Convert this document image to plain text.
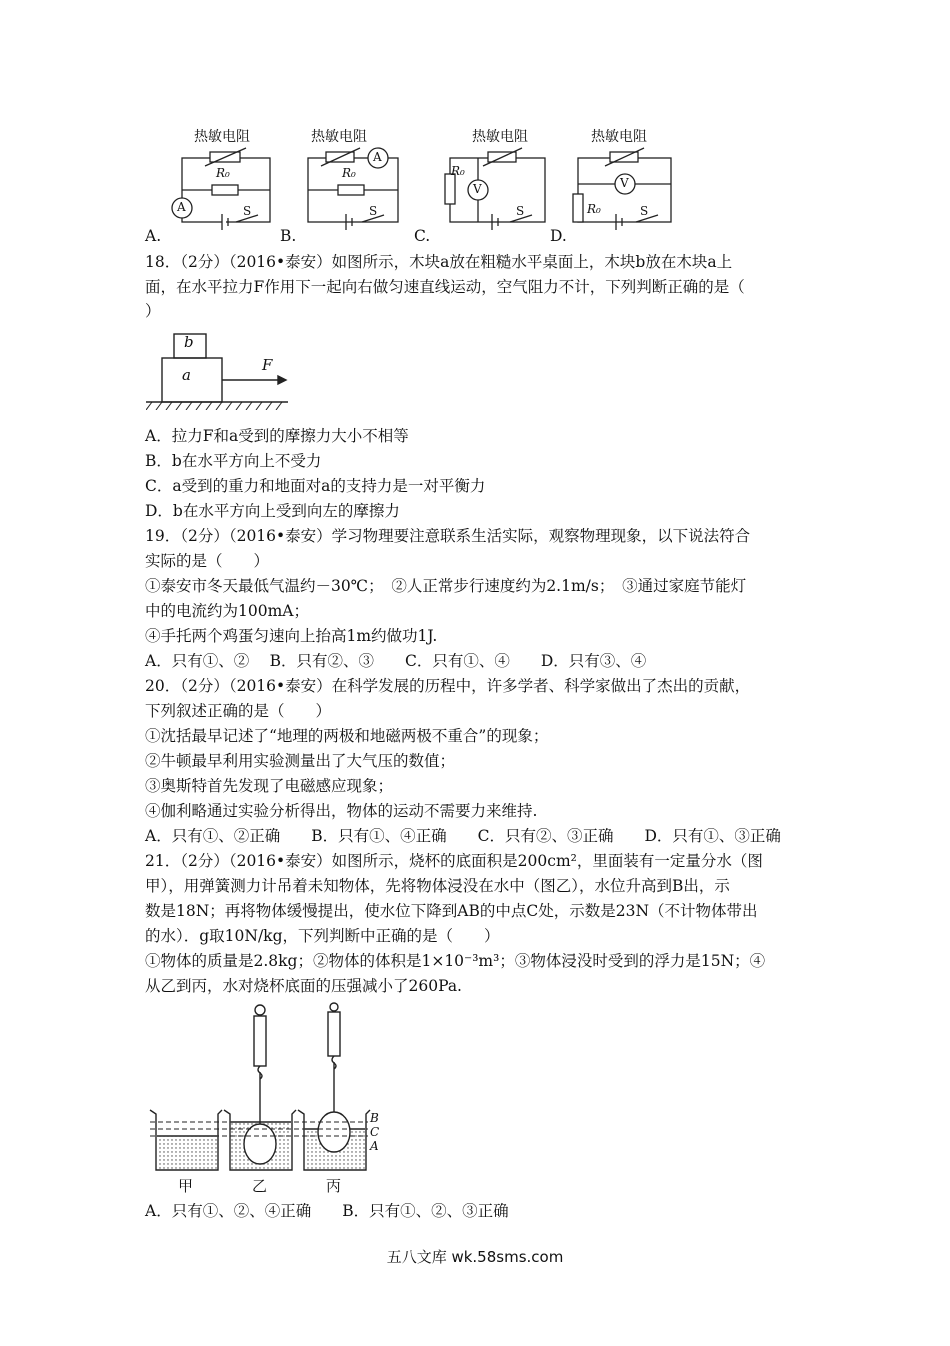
热敏电阻	热敏电阻	热敏电阻	热敏电阻
R₀	R₀	R₀
R₀
S	S	S	S
A
A
V	V
A.	B.	C.	D.
18．（2分）（2016•泰安）如图所示，木块a放在粗糙水平桌面上，木块b放在木块a上
面，在水平拉力F作用下一起向右做匀速直线运动，空气阻力不计，下列判断正确的是（
）
b
a
F
A．拉力F和a受到的摩擦力大小不相等
B．b在水平方向上不受力
C．a受到的重力和地面对a的支持力是一对平衡力
D．b在水平方向上受到向左的摩擦力
19．（2分）（2016•泰安）学习物理要注意联系生活实际，观察物理现象，以下说法符合
实际的是（　　）
①泰安市冬天最低气温约－30℃；　②人正常步行速度约为2.1m/s；　③通过家庭节能灯
中的电流约为100mA；
④手托两个鸡蛋匀速向上抬高1m约做功1J.
A．只有①、②　 B．只有②、③　　C．只有①、④　　D．只有③、④
20．（2分）（2016•泰安）在科学发展的历程中，许多学者、科学家做出了杰出的贡献，
下列叙述正确的是（　　）
①沈括最早记述了“地理的两极和地磁两极不重合”的现象；
②牛顿最早利用实验测量出了大气压的数值；
③奥斯特首先发现了电磁感应现象；
④伽利略通过实验分析得出，物体的运动不需要力来维持.
A．只有①、②正确　　B．只有①、④正确　　C．只有②、③正确　　D．只有①、③正确
21．（2分）（2016•泰安）如图所示，烧杯的底面积是200cm²，里面装有一定量分水（图
甲），用弹簧测力计吊着未知物体，先将物体浸没在水中（图乙），水位升高到B出，示
数是18N；再将物体缓慢提出，使水位下降到AB的中点C处，示数是23N（不计物体带出
的水）．g取10N/kg，下列判断中正确的是（　　）
①物体的质量是2.8kg；②物体的体积是1×10⁻³m³；③物体浸没时受到的浮力是15N；④
从乙到丙，水对烧杯底面的压强减小了260Pa.
B
C
A
甲	乙	丙
A．只有①、②、④正确　　B．只有①、②、③正确
五八文库 wk.58sms.com
